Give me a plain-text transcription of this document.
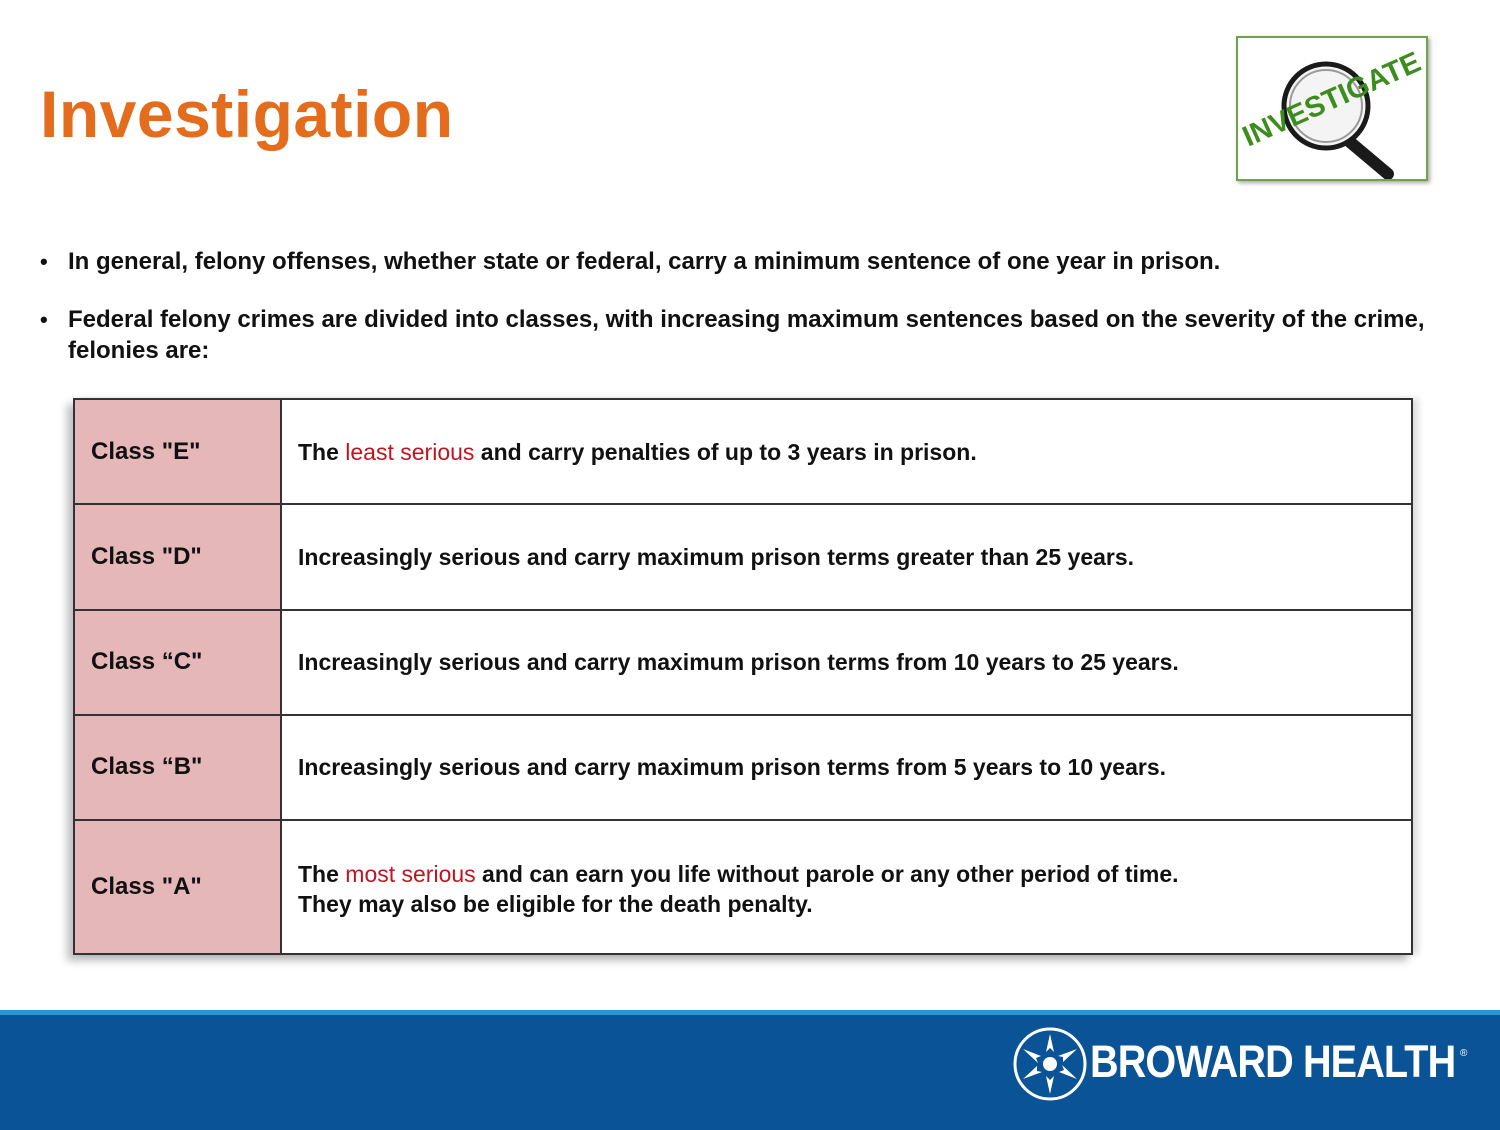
Investigation	INVESTIGATE
• In general, felony offenses, whether state or federal, carry a minimum sentence of one year in prison.
• Federal felony crimes are divided into classes, with increasing maximum sentences based on the severity of the crime, felonies are:
Class "E"	The least serious and carry penalties of up to 3 years in prison.
Class "D"	Increasingly serious and carry maximum prison terms greater than 25 years.
Class “C"	Increasingly serious and carry maximum prison terms from 10 years to 25 years.
Class “B"	Increasingly serious and carry maximum prison terms from 5 years to 10 years.
Class "A"	The most serious and can earn you life without parole or any other period of time.
They may also be eligible for the death penalty.
BROWARD HEALTH ®
